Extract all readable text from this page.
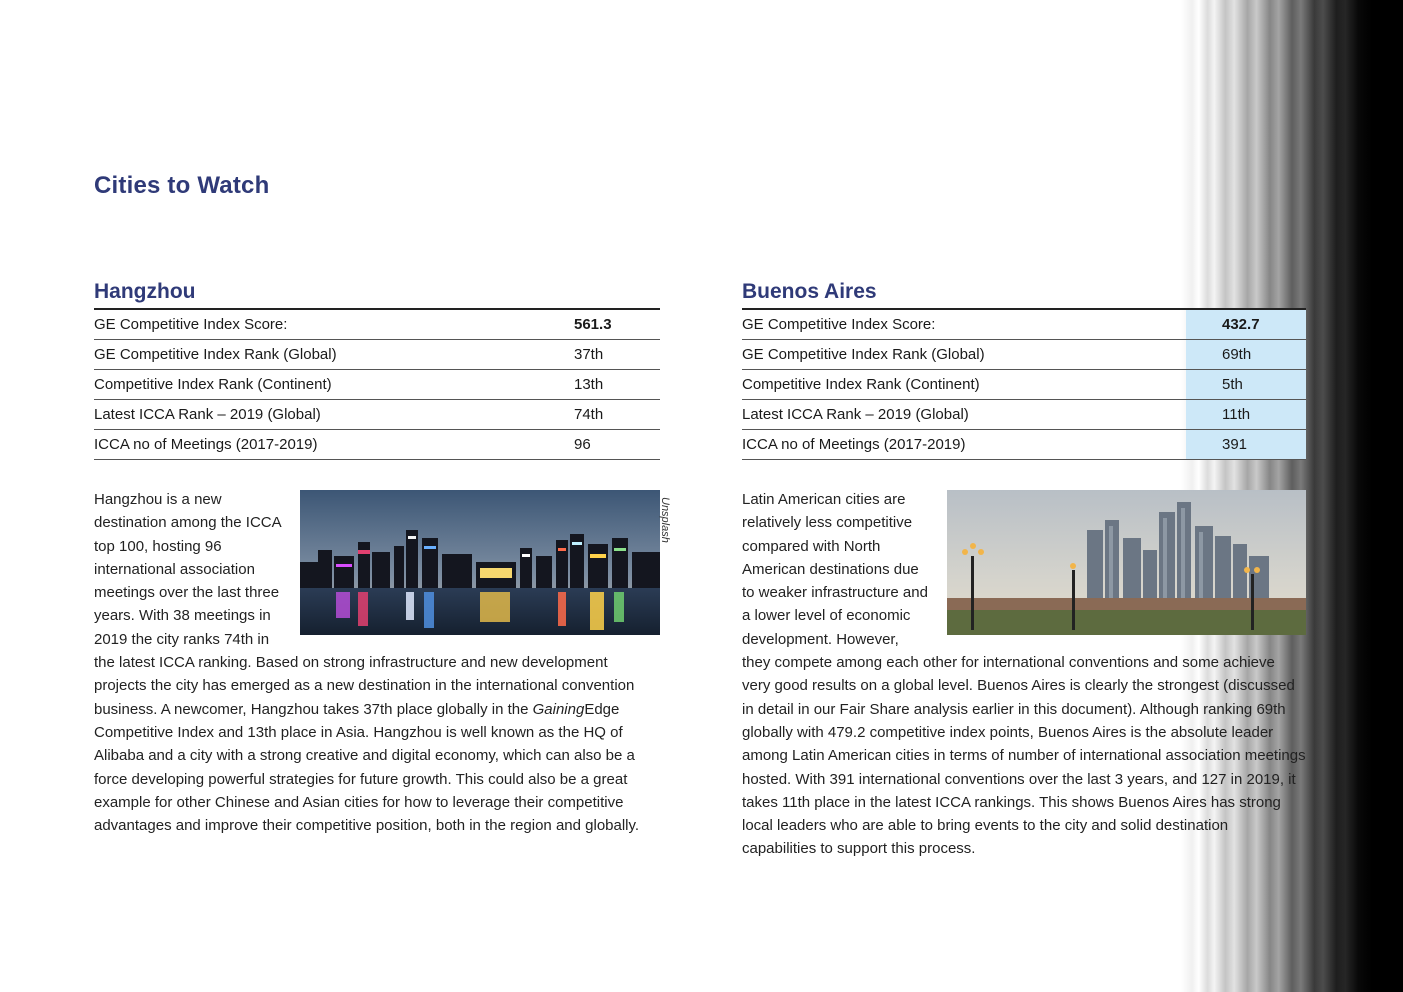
Cities to Watch
Hangzhou
GE Competitive Index Score:	561.3
GE Competitive Index Rank (Global)	37th
Competitive Index Rank (Continent)	13th
Latest ICCA Rank – 2019 (Global)	74th
ICCA no of Meetings (2017-2019)	96
Hangzhou is a new destination among the ICCA top 100, hosting 96 international association meetings over the last three years. With 38 meetings in 2019 the city ranks 74th in the latest ICCA ranking. Based on strong infrastructure and new development projects the city has emerged as a new destination in the international convention business. A newcomer, Hangzhou takes 37th place globally in the GainingEdge Competitive Index and 13th place in Asia. Hangzhou is well known as the HQ of Alibaba and a city with a strong creative and digital economy, which can also be a force developing powerful strategies for future growth. This could also be a great example for other Chinese and Asian cities for how to leverage their competitive advantages and improve their competitive position, both in the region and globally.
Unsplash
Buenos Aires
GE Competitive Index Score:	432.7
GE Competitive Index Rank (Global)	69th
Competitive Index Rank (Continent)	5th
Latest ICCA Rank – 2019 (Global)	11th
ICCA no of Meetings (2017-2019)	391
Latin American cities are relatively less competitive compared with North American destinations due to weaker infrastructure and a lower level of economic development. However, they compete among each other for international conventions and some achieve very good results on a global level. Buenos Aires is clearly the strongest (discussed in detail in our Fair Share analysis earlier in this document). Although ranking 69th globally with 479.2 competitive index points, Buenos Aires is the absolute leader among Latin American cities in terms of number of international association meetings hosted. With 391 international conventions over the last 3 years, and 127 in 2019, it takes 11th place in the latest ICCA rankings. This shows Buenos Aires has strong local leaders who are able to bring events to the city and solid destination capabilities to support this process.
